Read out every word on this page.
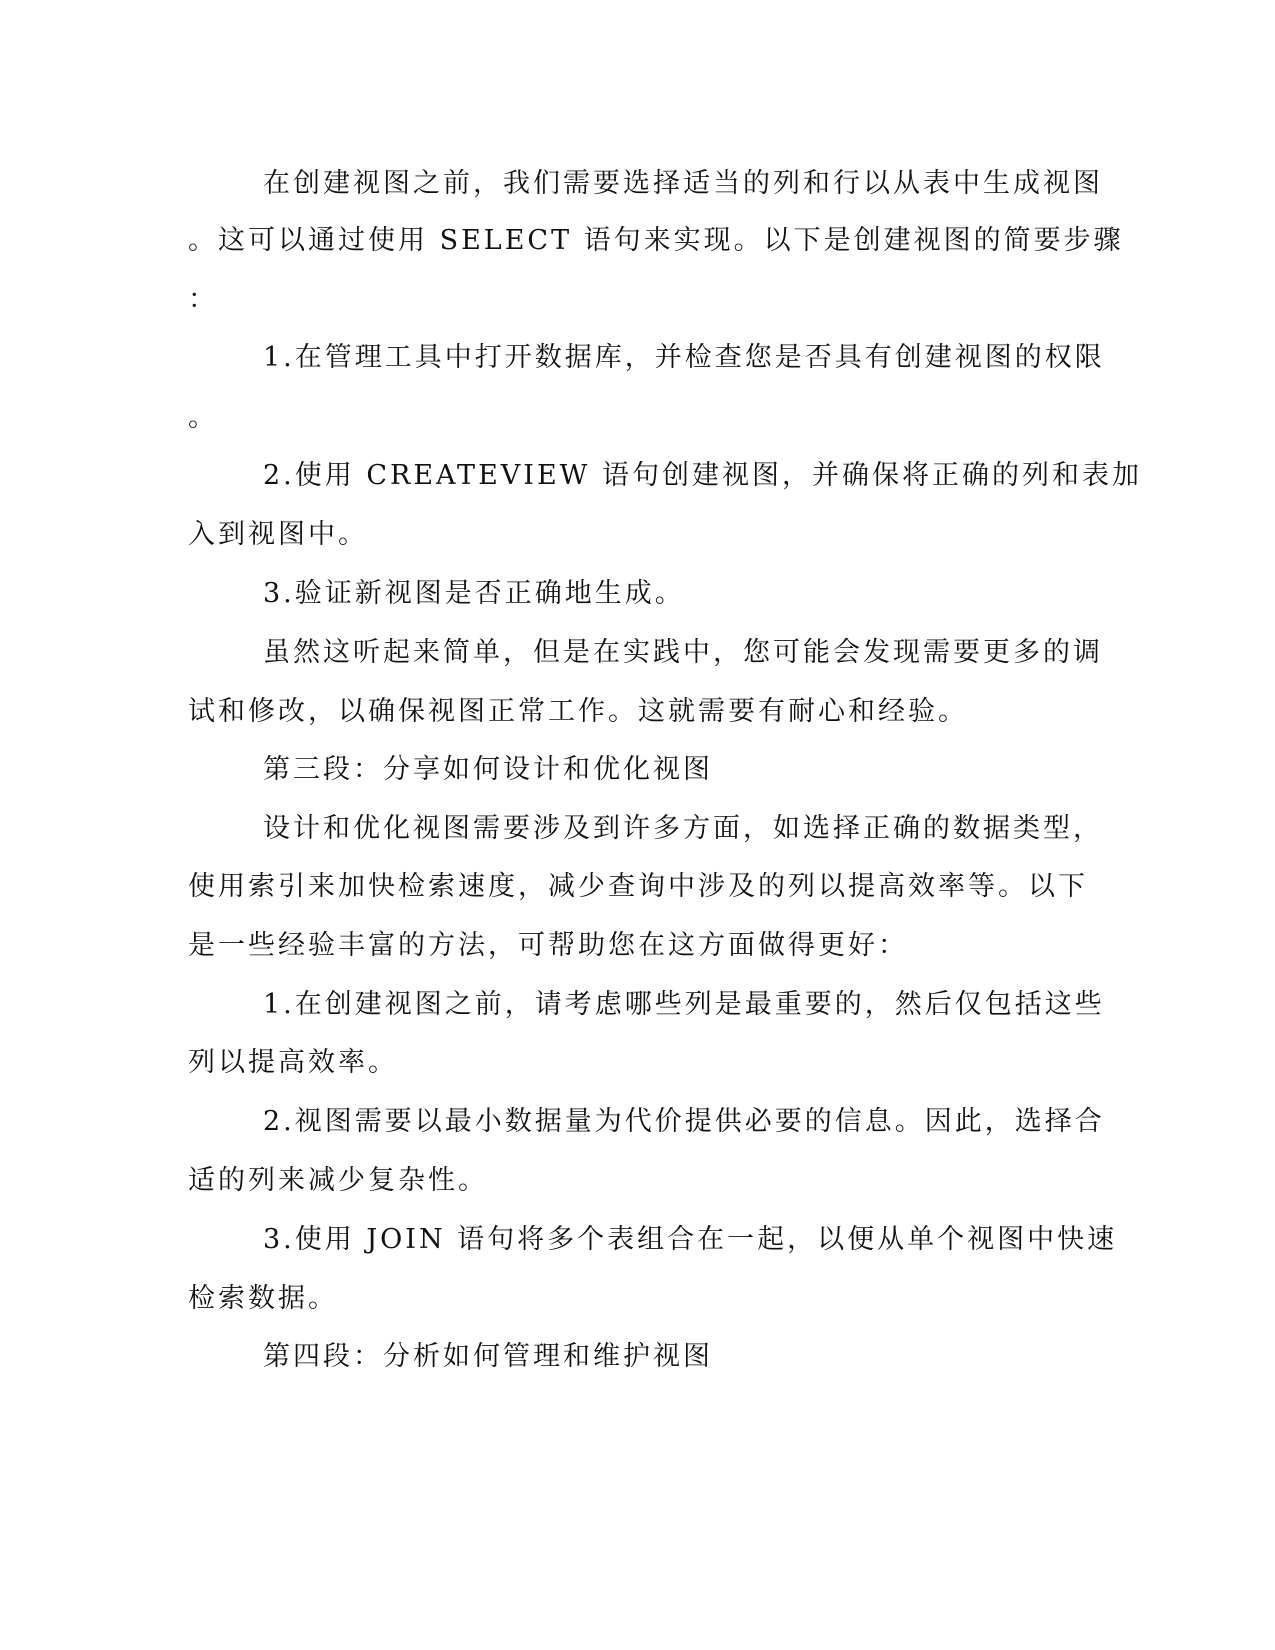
在创建视图之前，我们需要选择适当的列和行以从表中生成视图
。这可以通过使用 SELECT 语句来实现。以下是创建视图的简要步骤
：
1.在管理工具中打开数据库，并检查您是否具有创建视图的权限
。
2.使用 CREATEVIEW 语句创建视图，并确保将正确的列和表加
入到视图中。
3.验证新视图是否正确地生成。
虽然这听起来简单，但是在实践中，您可能会发现需要更多的调
试和修改，以确保视图正常工作。这就需要有耐心和经验。
第三段：分享如何设计和优化视图
设计和优化视图需要涉及到许多方面，如选择正确的数据类型，
使用索引来加快检索速度，减少查询中涉及的列以提高效率等。以下
是一些经验丰富的方法，可帮助您在这方面做得更好：
1.在创建视图之前，请考虑哪些列是最重要的，然后仅包括这些
列以提高效率。
2.视图需要以最小数据量为代价提供必要的信息。因此，选择合
适的列来减少复杂性。
3.使用 JOIN 语句将多个表组合在一起，以便从单个视图中快速
检索数据。
第四段：分析如何管理和维护视图
